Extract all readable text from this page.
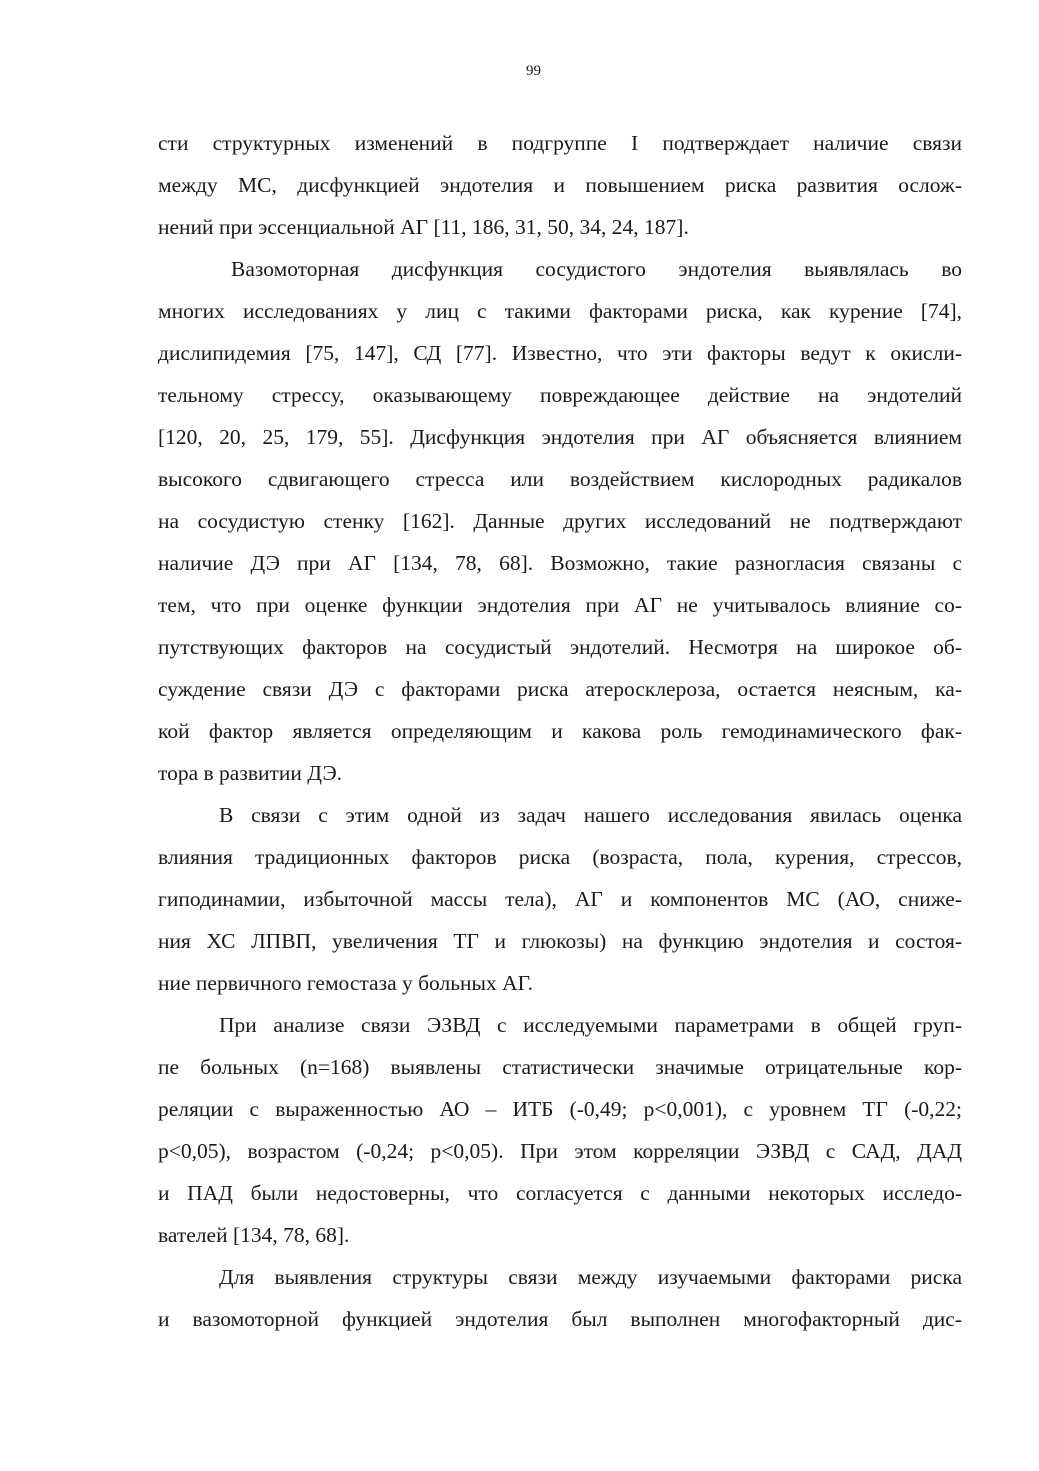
99
сти структурных изменений в подгруппе I подтверждает наличие связи
между МС, дисфункцией эндотелия и повышением риска развития ослож-
нений при эссенциальной АГ [11, 186, 31, 50, 34, 24, 187].
Вазомоторная дисфункция сосудистого эндотелия выявлялась во
многих исследованиях у лиц с такими факторами риска, как курение [74],
дислипидемия [75, 147], СД [77]. Известно, что эти факторы ведут к окисли-
тельному стрессу, оказывающему повреждающее действие на эндотелий
[120, 20, 25, 179, 55]. Дисфункция эндотелия при АГ объясняется влиянием
высокого сдвигающего стресса или воздействием кислородных радикалов
на сосудистую стенку [162]. Данные других исследований не подтверждают
наличие ДЭ при АГ [134, 78, 68]. Возможно, такие разногласия связаны с
тем, что при оценке функции эндотелия при АГ не учитывалось влияние со-
путствующих факторов на сосудистый эндотелий. Несмотря на широкое об-
суждение связи ДЭ с факторами риска атеросклероза, остается неясным, ка-
кой фактор является определяющим и какова роль гемодинамического фак-
тора в развитии ДЭ.
В связи с этим одной из задач нашего исследования явилась оценка
влияния традиционных факторов риска (возраста, пола, курения, стрессов,
гиподинамии, избыточной массы тела), АГ и компонентов МС (АО, сниже-
ния ХС ЛПВП, увеличения ТГ и глюкозы) на функцию эндотелия и состоя-
ние первичного гемостаза у больных АГ.
При анализе связи ЭЗВД с исследуемыми параметрами в общей груп-
пе больных (n=168) выявлены статистически значимые отрицательные кор-
реляции с выраженностью АО – ИТБ (-0,49; p<0,001), с уровнем ТГ (-0,22;
p<0,05), возрастом (-0,24; p<0,05). При этом корреляции ЭЗВД с САД, ДАД
и ПАД были недостоверны, что согласуется с данными некоторых исследо-
вателей [134, 78, 68].
Для выявления структуры связи между изучаемыми факторами риска
и вазомоторной функцией эндотелия был выполнен многофакторный дис-
